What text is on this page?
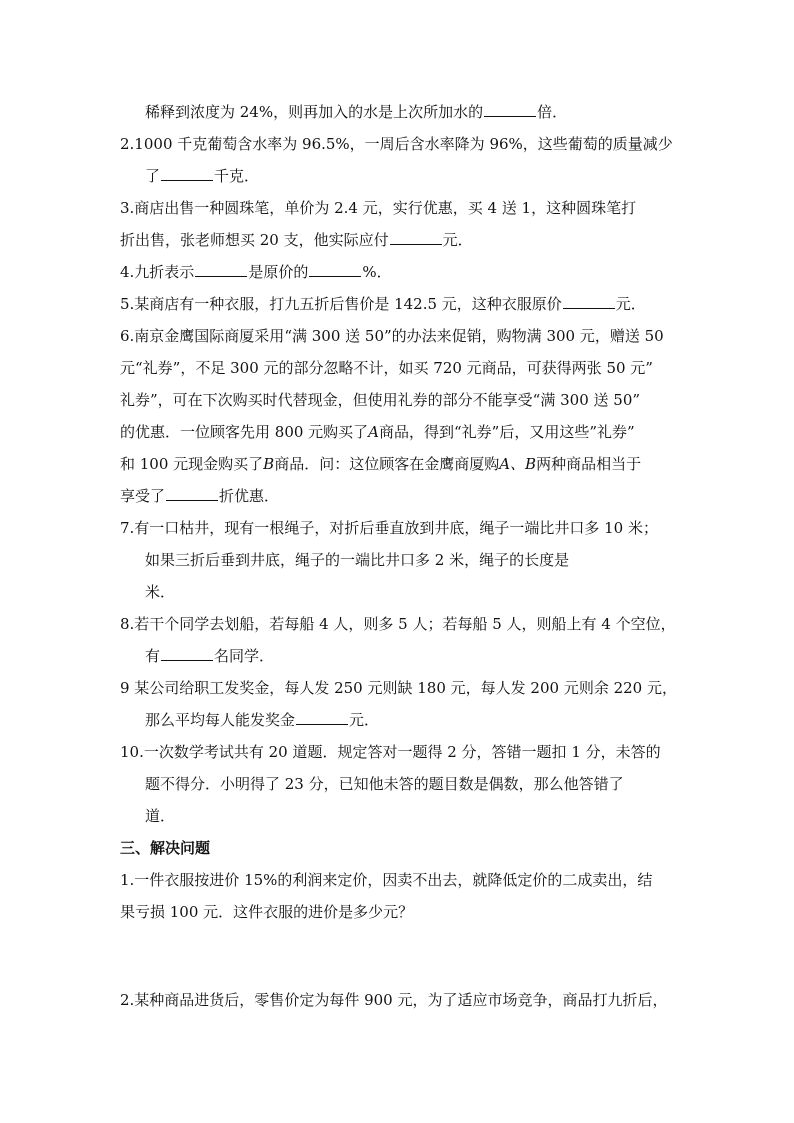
稀释到浓度为 24%，则再加入的水是上次所加水的	倍．
2.1000 千克葡萄含水率为 96.5%，一周后含水率降为 96%，这些葡萄的质量减少
了	千克．
3.商店出售一种圆珠笔，单价为 2.4 元，实行优惠，买 4 送 1，这种圆珠笔打
折出售，张老师想买 20 支，他实际应付	元．
4.九折表示	是原价的	%．
5.某商店有一种衣服，打九五折后售价是 142.5 元，这种衣服原价	元．
6.南京金鹰国际商厦采用“满 300 送 50”的办法来促销，购物满 300 元，赠送 50
元“礼券”，不足 300 元的部分忽略不计，如买 720 元商品，可获得两张 50 元”
礼券”，可在下次购买时代替现金，但使用礼券的部分不能享受“满 300 送 50”
的优惠．一位顾客先用 800 元购买了A商品，得到“礼券”后，又用这些”礼券”
和 100 元现金购买了B商品．问：这位顾客在金鹰商厦购A、B两种商品相当于
享受了	折优惠．
7.有一口枯井，现有一根绳子，对折后垂直放到井底，绳子一端比井口多 10 米；
如果三折后垂到井底，绳子的一端比井口多 2 米，绳子的长度是
米．
8.若干个同学去划船，若每船 4 人，则多 5 人；若每船 5 人，则船上有 4 个空位，
有	名同学．
9 某公司给职工发奖金，每人发 250 元则缺 180 元，每人发 200 元则余 220 元，
那么平均每人能发奖金	元．
10.一次数学考试共有 20 道题．规定答对一题得 2 分，答错一题扣 1 分，未答的
题不得分．小明得了 23 分，已知他未答的题目数是偶数，那么他答错了
道．
三、解决问题
1.一件衣服按进价 15%的利润来定价，因卖不出去，就降低定价的二成卖出，结
果亏损 100 元．这件衣服的进价是多少元？
2.某种商品进货后，零售价定为每件 900 元，为了适应市场竞争，商品打九折后，
